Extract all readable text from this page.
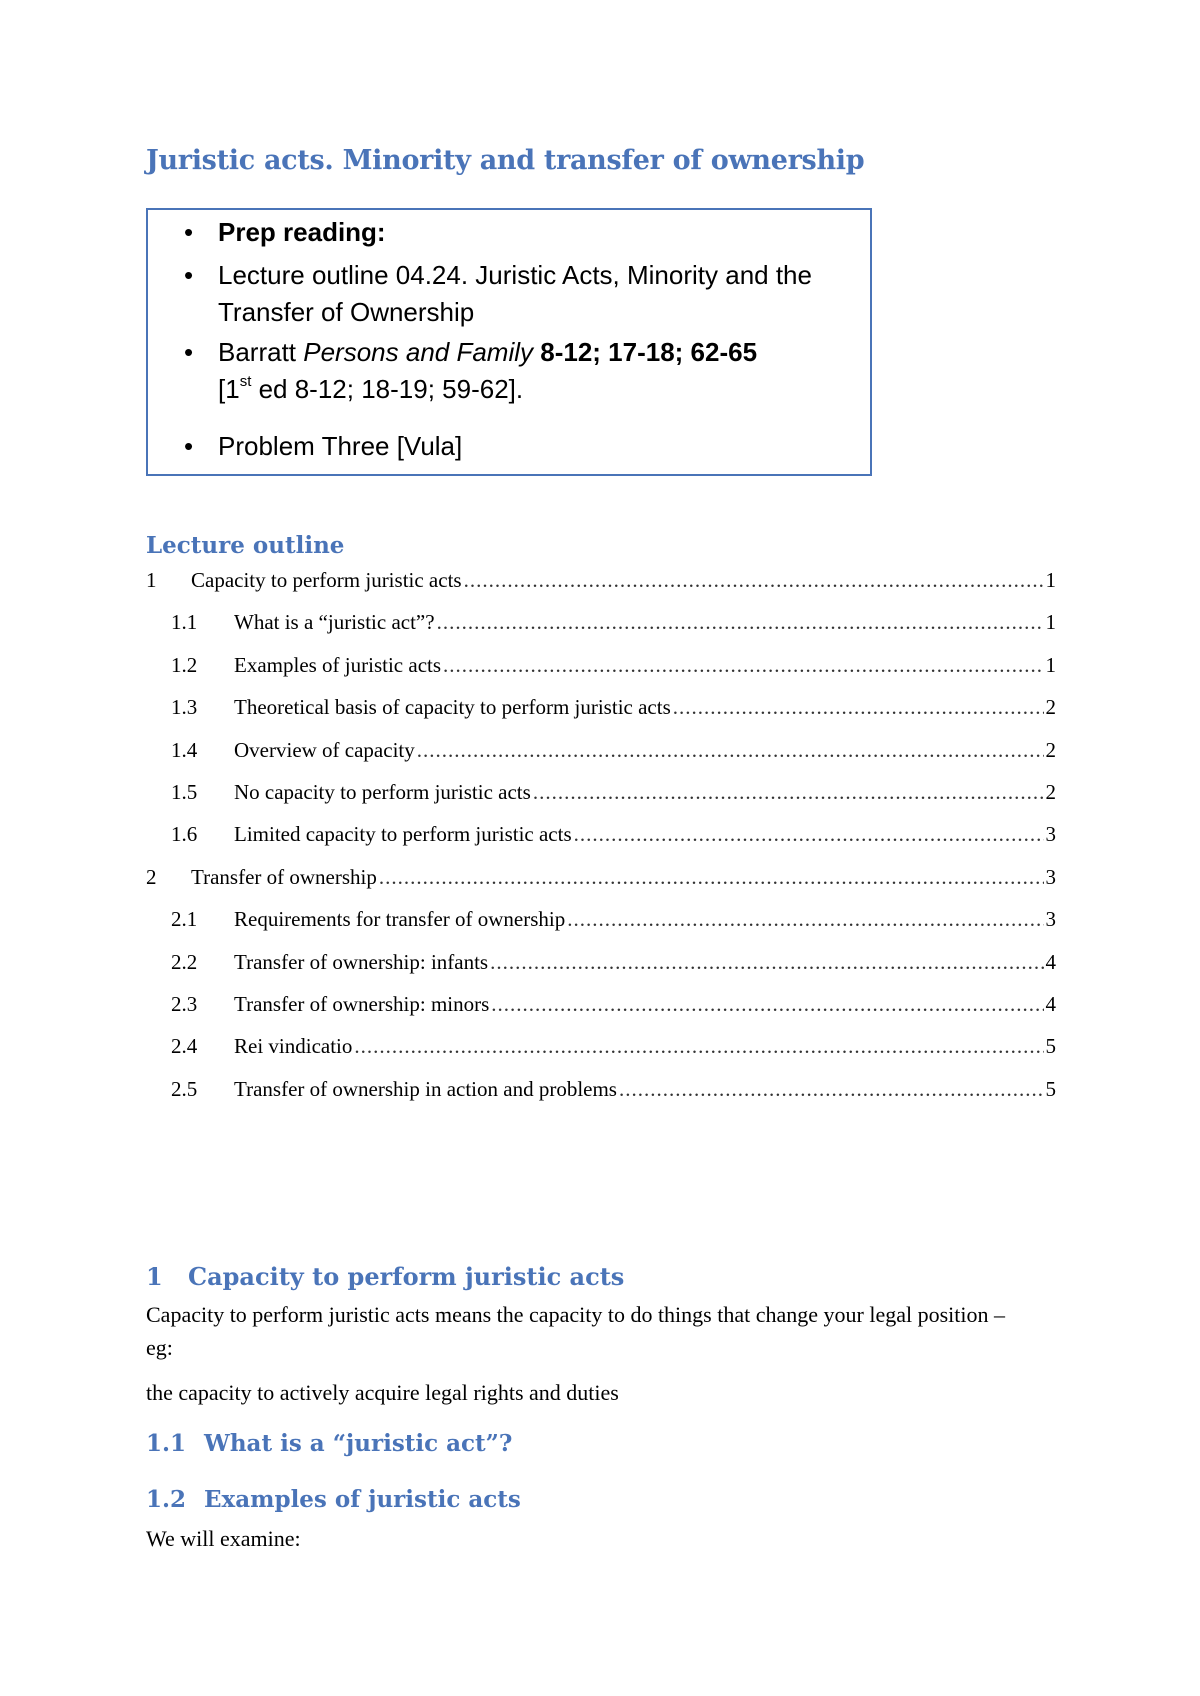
Juristic acts. Minority and transfer of ownership
• Prep reading:
• Lecture outline 04.24. Juristic Acts, Minority and the Transfer of Ownership
• Barratt Persons and Family 8-12; 17-18; 62-65
[1st ed 8-12; 18-19; 59-62].
• Problem Three [Vula]
Lecture outline
1	Capacity to perform juristic acts .....	1
1.1	What is a “juristic act”? .....	1
1.2	Examples of juristic acts .....	1
1.3	Theoretical basis of capacity to perform juristic acts .....	2
1.4	Overview of capacity .....	2
1.5	No capacity to perform juristic acts .....	2
1.6	Limited capacity to perform juristic acts .....	3
2	Transfer of ownership .....	3
2.1	Requirements for transfer of ownership .....	3
2.2	Transfer of ownership: infants .....	4
2.3	Transfer of ownership: minors .....	4
2.4	Rei vindicatio .....	5
2.5	Transfer of ownership in action and problems .....	5
1 Capacity to perform juristic acts

Capacity to perform juristic acts means the capacity to do things that change your legal position – eg:

the capacity to actively acquire legal rights and duties

1.1 What is a “juristic act”?
1.2 Examples of juristic acts

We will examine:
